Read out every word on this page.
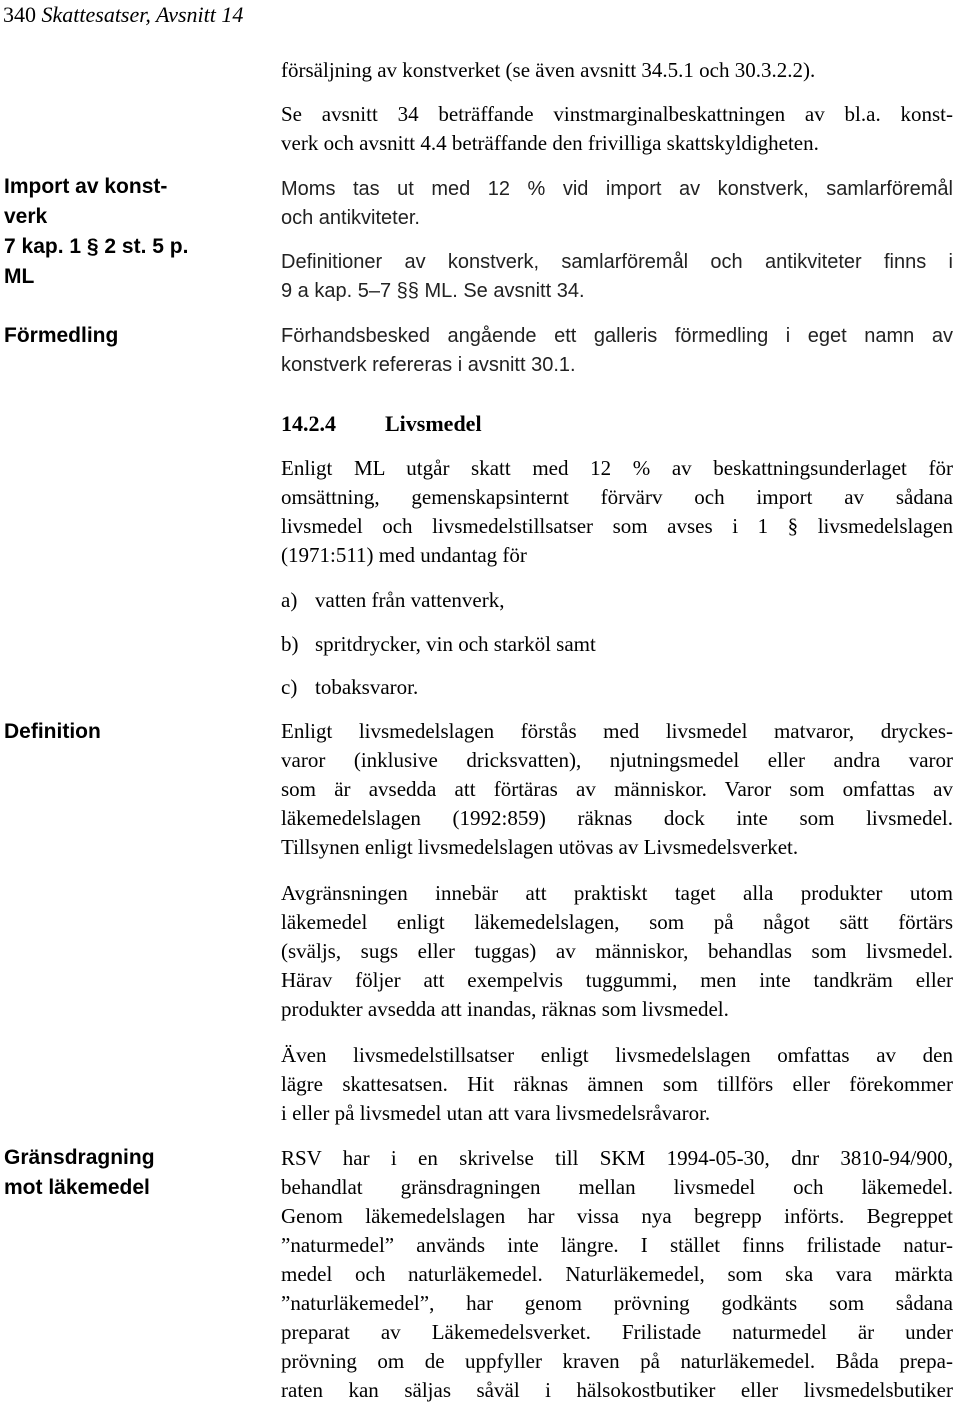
340 Skattesatser, Avsnitt 14
Import av konst-
verk
7 kap. 1 § 2 st. 5 p.
ML
Förmedling
Definition
Gränsdragning
mot läkemedel
försäljning av konstverket (se även avsnitt 34.5.1 och 30.3.2.2).
Se avsnitt 34 beträffande vinstmarginalbeskattningen av bl.a. konst-
verk och avsnitt 4.4 beträffande den frivilliga skattskyldigheten.
Moms tas ut med 12 % vid import av konstverk, samlarföremål
och antikviteter.
Definitioner av konstverk, samlarföremål och antikviteter finns i
9 a kap. 5–7 §§ ML. Se avsnitt 34.
Förhandsbesked angående ett galleris förmedling i eget namn av
konstverk refereras i avsnitt 30.1.
14.2.4 Livsmedel
Enligt ML utgår skatt med 12 % av beskattningsunderlaget för
omsättning, gemenskapsinternt förvärv och import av sådana
livsmedel och livsmedelstillsatser som avses i 1 § livsmedelslagen
(1971:511) med undantag för
a) vatten från vattenverk,
b) spritdrycker, vin och starköl samt
c) tobaksvaror.
Enligt livsmedelslagen förstås med livsmedel matvaror, dryckes-
varor (inklusive dricksvatten), njutningsmedel eller andra varor
som är avsedda att förtäras av människor. Varor som omfattas av
läkemedelslagen (1992:859) räknas dock inte som livsmedel.
Tillsynen enligt livsmedelslagen utövas av Livsmedelsverket.
Avgränsningen innebär att praktiskt taget alla produkter utom
läkemedel enligt läkemedelslagen, som på något sätt förtärs
(sväljs, sugs eller tuggas) av människor, behandlas som livsmedel.
Härav följer att exempelvis tuggummi, men inte tandkräm eller
produkter avsedda att inandas, räknas som livsmedel.
Även livsmedelstillsatser enligt livsmedelslagen omfattas av den
lägre skattesatsen. Hit räknas ämnen som tillförs eller förekommer
i eller på livsmedel utan att vara livsmedelsråvaror.
RSV har i en skrivelse till SKM 1994-05-30, dnr 3810-94/900,
behandlat gränsdragningen mellan livsmedel och läkemedel.
Genom läkemedelslagen har vissa nya begrepp införts. Begreppet
”naturmedel” används inte längre. I stället finns frilistade natur-
medel och naturläkemedel. Naturläkemedel, som ska vara märkta
”naturläkemedel”, har genom prövning godkänts som sådana
preparat av Läkemedelsverket. Frilistade naturmedel är under
prövning om de uppfyller kraven på naturläkemedel. Båda prepa-
raten kan säljas såväl i hälsokostbutiker eller livsmedelsbutiker
